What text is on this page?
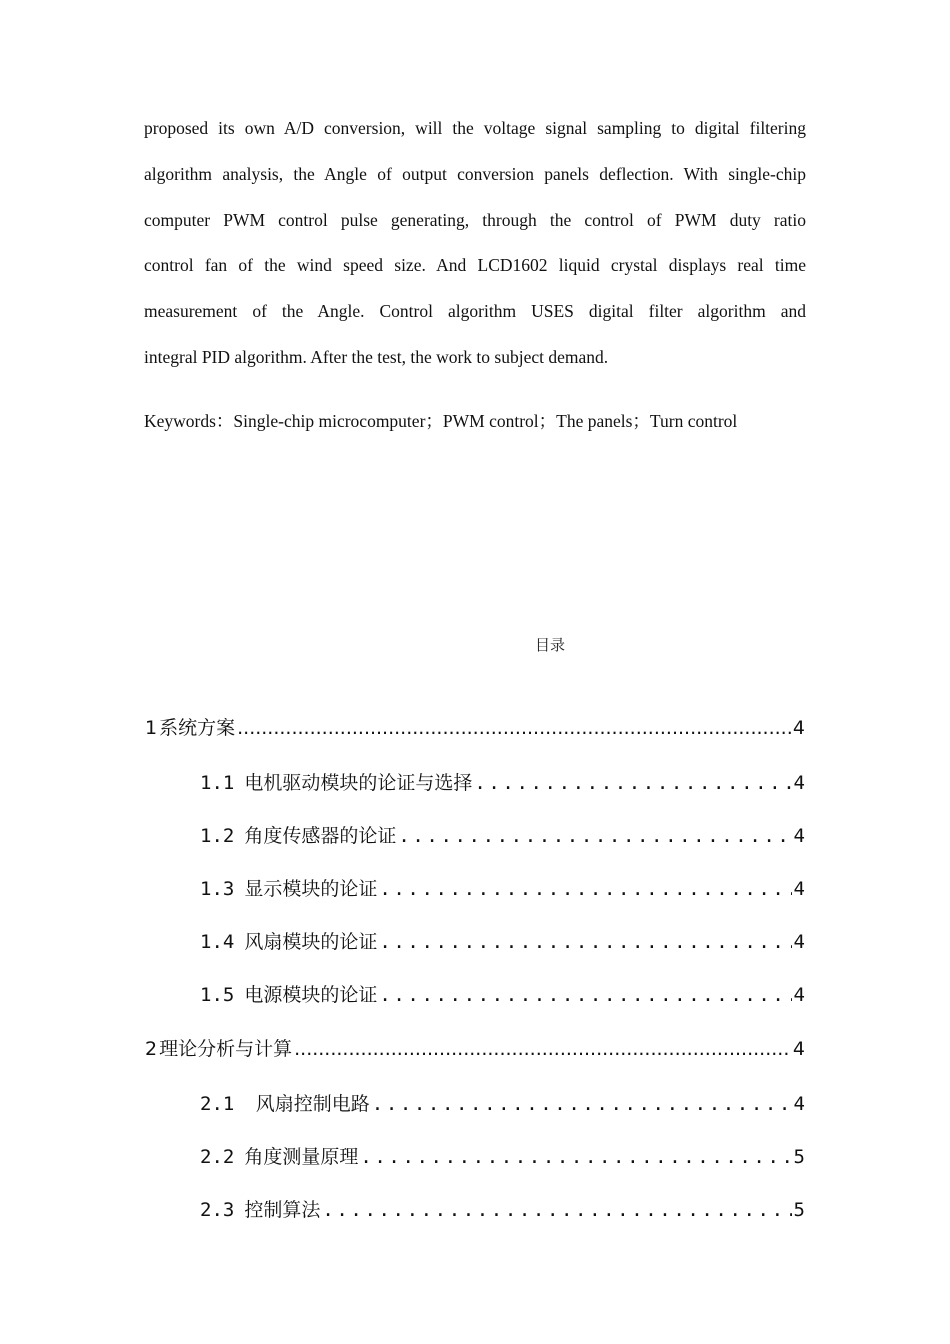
proposed its own A/D conversion, will the voltage signal sampling to digital filtering
algorithm analysis, the Angle of output conversion panels deflection. With single-chip
computer PWM control pulse generating, through the control of PWM duty ratio
control fan of the wind speed size. And LCD1602 liquid crystal displays real time
measurement of the Angle. Control algorithm USES digital filter algorithm and
integral PID algorithm. After the test, the work to subject demand.
Keywords：Single-chip microcomputer；PWM control；The panels；Turn control
目录
1 系统方案 .....	4
1.1 电机驱动模块的论证与选择 .....	4
1.2 角度传感器的论证 .....	4
1.3 显示模块的论证 .....	4
1.4 风扇模块的论证 .....	4
1.5 电源模块的论证 .....	4
2 理论分析与计算 .....	4
2.1 风扇控制电路 .....	4
2.2 角度测量原理 .....	5
2.3 控制算法 .....	5
